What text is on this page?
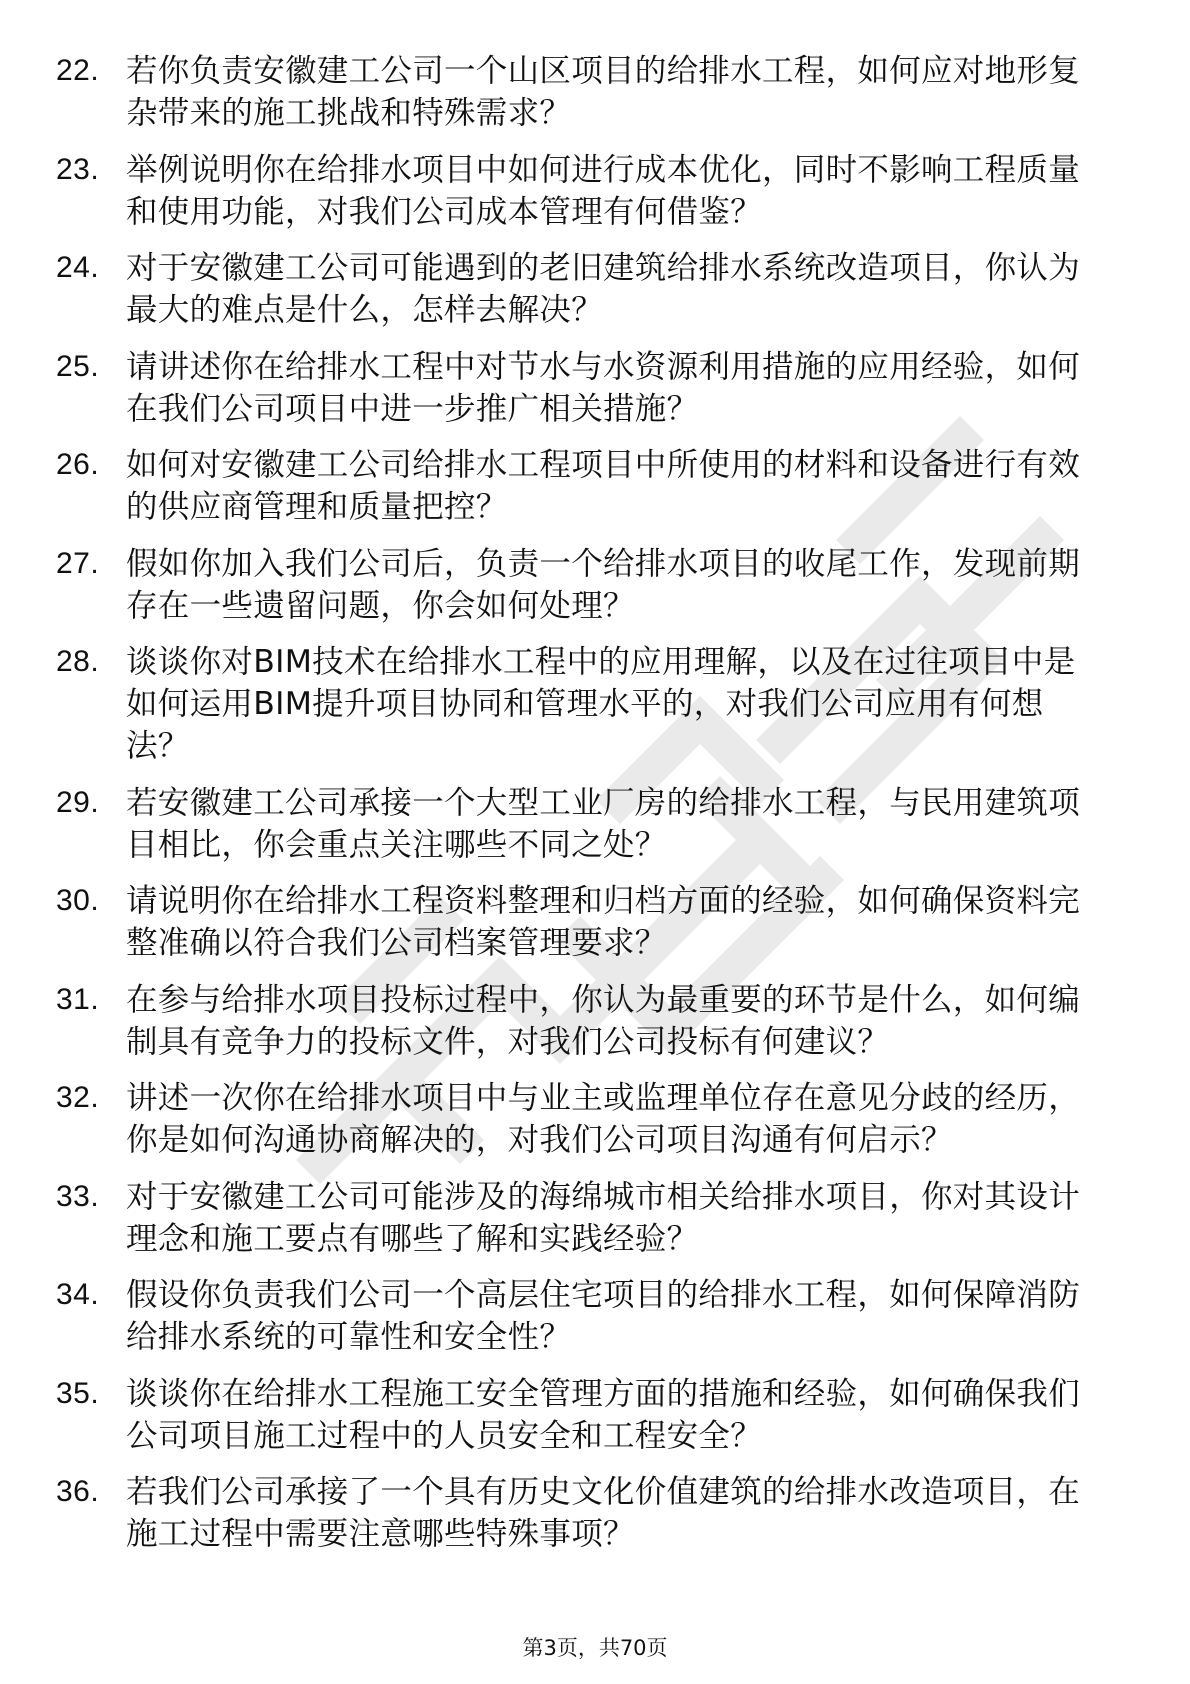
22. 若你负责安徽建工公司一个山区项目的给排水工程，如何应对地形复杂带来的施工挑战和特殊需求？
23. 举例说明你在给排水项目中如何进行成本优化，同时不影响工程质量和使用功能，对我们公司成本管理有何借鉴？
24. 对于安徽建工公司可能遇到的老旧建筑给排水系统改造项目，你认为最大的难点是什么，怎样去解决？
25. 请讲述你在给排水工程中对节水与水资源利用措施的应用经验，如何在我们公司项目中进一步推广相关措施？
26. 如何对安徽建工公司给排水工程项目中所使用的材料和设备进行有效的供应商管理和质量把控？
27. 假如你加入我们公司后，负责一个给排水项目的收尾工作，发现前期存在一些遗留问题，你会如何处理？
28. 谈谈你对BIM技术在给排水工程中的应用理解，以及在过往项目中是如何运用BIM提升项目协同和管理水平的，对我们公司应用有何想法？
29. 若安徽建工公司承接一个大型工业厂房的给排水工程，与民用建筑项目相比，你会重点关注哪些不同之处？
30. 请说明你在给排水工程资料整理和归档方面的经验，如何确保资料完整准确以符合我们公司档案管理要求？
31. 在参与给排水项目投标过程中，你认为最重要的环节是什么，如何编制具有竞争力的投标文件，对我们公司投标有何建议？
32. 讲述一次你在给排水项目中与业主或监理单位存在意见分歧的经历，你是如何沟通协商解决的，对我们公司项目沟通有何启示？
33. 对于安徽建工公司可能涉及的海绵城市相关给排水项目，你对其设计理念和施工要点有哪些了解和实践经验？
34. 假设你负责我们公司一个高层住宅项目的给排水工程，如何保障消防给排水系统的可靠性和安全性？
35. 谈谈你在给排水工程施工安全管理方面的措施和经验，如何确保我们公司项目施工过程中的人员安全和工程安全？
36. 若我们公司承接了一个具有历史文化价值建筑的给排水改造项目，在施工过程中需要注意哪些特殊事项？
第3页，共70页
